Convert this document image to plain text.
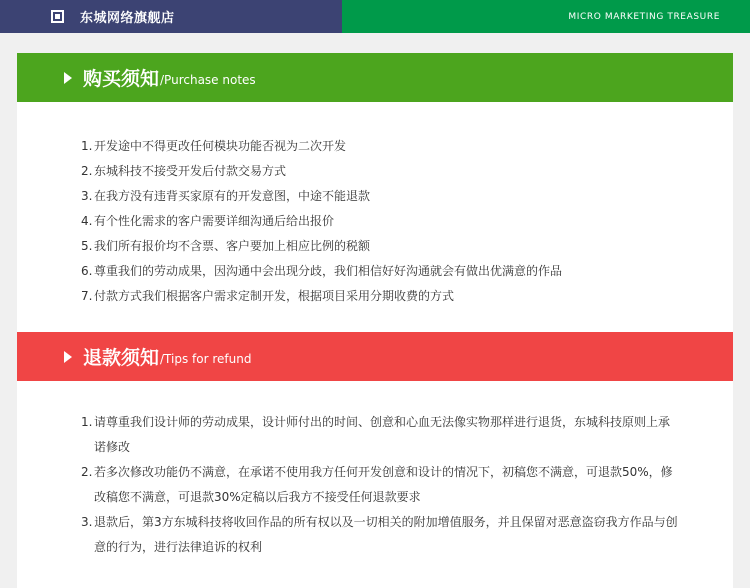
东城网络旗舰店	MICRO MARKETING TREASURE
购买须知 /Purchase notes
1. 开发途中不得更改任何模块功能否视为二次开发
2. 东城科技不接受开发后付款交易方式
3. 在我方没有违背买家原有的开发意图，中途不能退款
4. 有个性化需求的客户需要详细沟通后给出报价
5. 我们所有报价均不含票、客户要加上相应比例的税额
6. 尊重我们的劳动成果，因沟通中会出现分歧，我们相信好好沟通就会有做出优满意的作品
7. 付款方式我们根据客户需求定制开发，根据项目采用分期收费的方式
退款须知 /Tips for refund
1. 请尊重我们设计师的劳动成果，设计师付出的时间、创意和心血无法像实物那样进行退货，东城科技原则上承诺修改
2. 若多次修改功能仍不满意，在承诺不使用我方任何开发创意和设计的情况下，初稿您不满意，可退款50%，修改稿您不满意，可退款30%定稿以后我方不接受任何退款要求
3. 退款后，第3方东城科技将收回作品的所有权以及一切相关的附加增值服务，并且保留对恶意盗窃我方作品与创意的行为，进行法律追诉的权利
